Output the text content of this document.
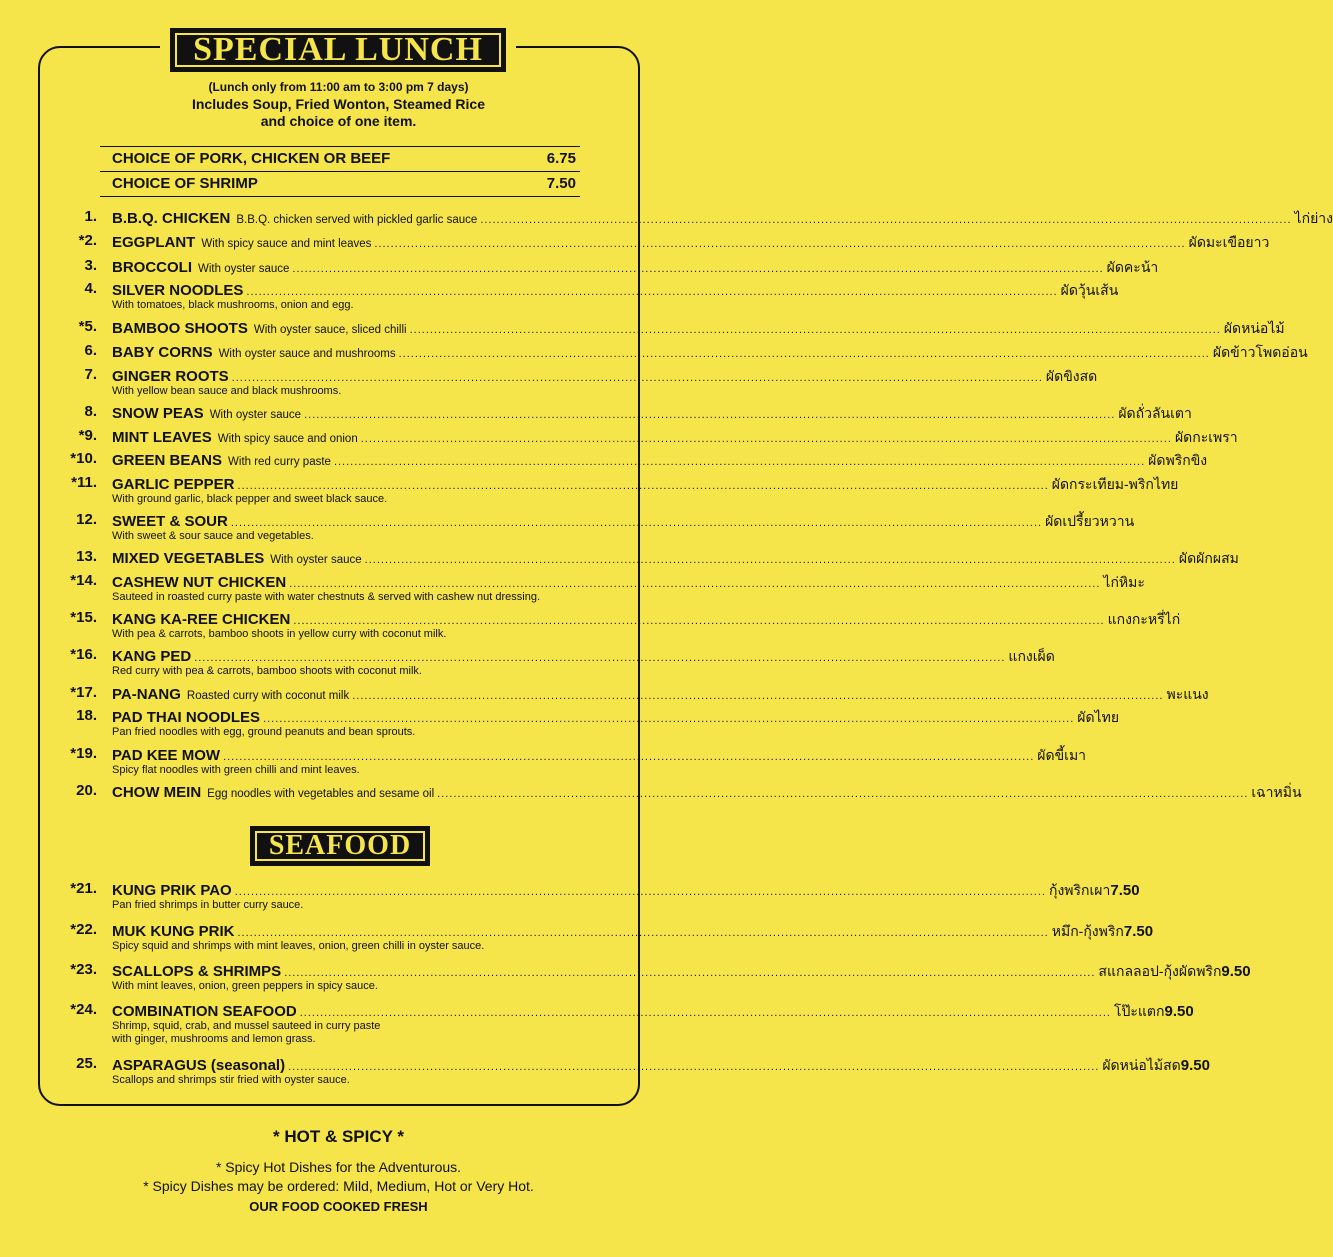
SPECIAL LUNCH
(Lunch only from 11:00 am to 3:00 pm 7 days)
Includes Soup, Fried Wonton, Steamed Rice
and choice of one item.
CHOICE OF PORK, CHICKEN OR BEEF	6.75
CHOICE OF SHRIMP	7.50
1. B.B.Q. CHICKEN B.B.Q. chicken served with pickled garlic sauce ........................................................................................................................................................................................................ ไก่ย่าง
*2. EGGPLANT With spicy sauce and mint leaves ........................................................................................................................................................................................................ ผัดมะเขือยาว
3. BROCCOLI With oyster sauce ........................................................................................................................................................................................................ ผัดคะน้า
4. SILVER NOODLES ........................................................................................................................................................................................................ ผัดวุ้นเส้น
With tomatoes, black mushrooms, onion and egg.
*5. BAMBOO SHOOTS With oyster sauce, sliced chilli ........................................................................................................................................................................................................ ผัดหน่อไม้
6. BABY CORNS With oyster sauce and mushrooms ........................................................................................................................................................................................................ ผัดข้าวโพดอ่อน
7. GINGER ROOTS ........................................................................................................................................................................................................ ผัดขิงสด
With yellow bean sauce and black mushrooms.
8. SNOW PEAS With oyster sauce ........................................................................................................................................................................................................ ผัดถั่วลันเตา
*9. MINT LEAVES With spicy sauce and onion ........................................................................................................................................................................................................ ผัดกะเพรา
*10. GREEN BEANS With red curry paste ........................................................................................................................................................................................................ ผัดพริกขิง
*11. GARLIC PEPPER ........................................................................................................................................................................................................ ผัดกระเทียม-พริกไทย
With ground garlic, black pepper and sweet black sauce.
12. SWEET & SOUR ........................................................................................................................................................................................................ ผัดเปรี้ยวหวาน
With sweet & sour sauce and vegetables.
13. MIXED VEGETABLES With oyster sauce ........................................................................................................................................................................................................ ผัดผักผสม
*14. CASHEW NUT CHICKEN ........................................................................................................................................................................................................ ไก่หิมะ
Sauteed in roasted curry paste with water chestnuts & served with cashew nut dressing.
*15. KANG KA-REE CHICKEN ........................................................................................................................................................................................................ แกงกะหรี่ไก่
With pea & carrots, bamboo shoots in yellow curry with coconut milk.
*16. KANG PED ........................................................................................................................................................................................................ แกงเผ็ด
Red curry with pea & carrots, bamboo shoots with coconut milk.
*17. PA-NANG Roasted curry with coconut milk ........................................................................................................................................................................................................ พะแนง
18. PAD THAI NOODLES ........................................................................................................................................................................................................ ผัดไทย
Pan fried noodles with egg, ground peanuts and bean sprouts.
*19. PAD KEE MOW ........................................................................................................................................................................................................ ผัดขี้เมา
Spicy flat noodles with green chilli and mint leaves.
20. CHOW MEIN Egg noodles with vegetables and sesame oil ........................................................................................................................................................................................................ เฉาหมิ่น
SEAFOOD
*21. KUNG PRIK PAO ........................................................................................................................................................................................................ กุ้งพริกเผา 7.50
Pan fried shrimps in butter curry sauce.
*22. MUK KUNG PRIK ........................................................................................................................................................................................................ หมึก-กุ้งพริก 7.50
Spicy squid and shrimps with mint leaves, onion, green chilli in oyster sauce.
*23. SCALLOPS & SHRIMPS ........................................................................................................................................................................................................ สแกลลอป-กุ้งผัดพริก 9.50
With mint leaves, onion, green peppers in spicy sauce.
*24. COMBINATION SEAFOOD ........................................................................................................................................................................................................ โป๊ะแตก 9.50
Shrimp, squid, crab, and mussel sauteed in curry paste
with ginger, mushrooms and lemon grass.
25. ASPARAGUS (seasonal) ........................................................................................................................................................................................................ ผัดหน่อไม้สด 9.50
Scallops and shrimps stir fried with oyster sauce.
* HOT & SPICY *
* Spicy Hot Dishes for the Adventurous.
* Spicy Dishes may be ordered: Mild, Medium, Hot or Very Hot.
OUR FOOD COOKED FRESH
